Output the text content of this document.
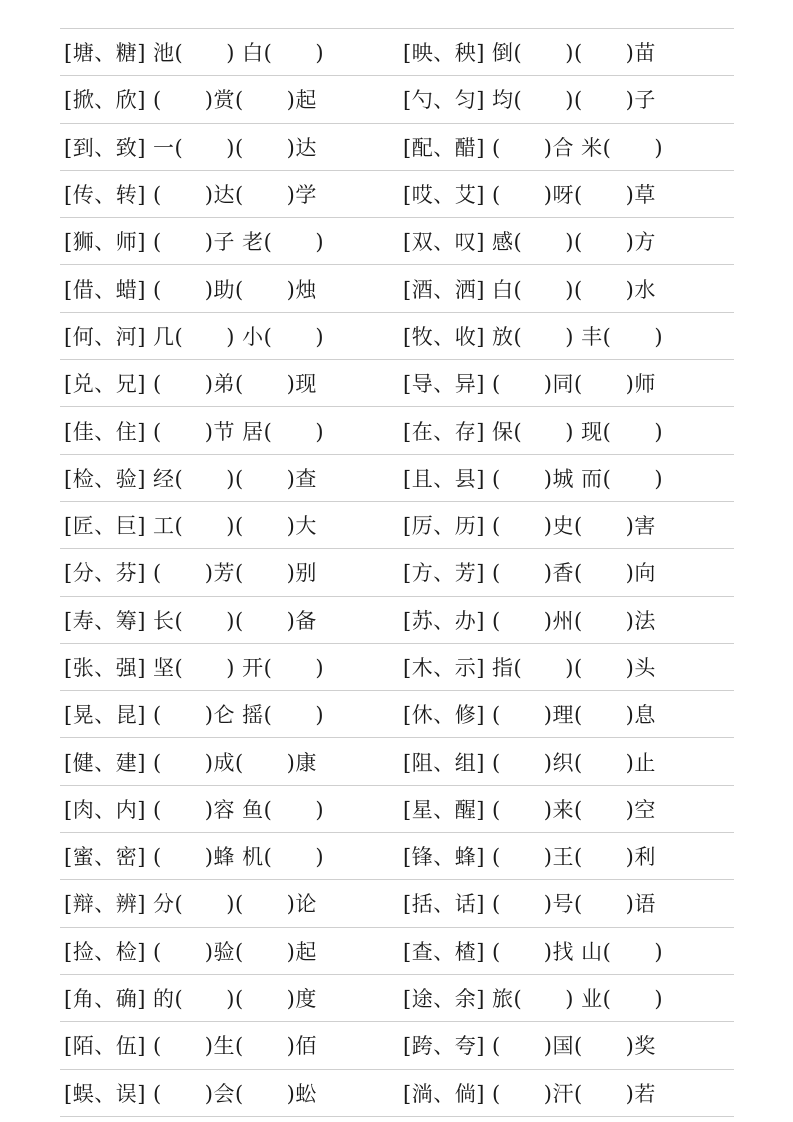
[塘、糖] 池(　　) 白(　　)	[映、秧] 倒(　　)(　　)苗
[掀、欣] (　　)赏(　　)起	[勺、匀] 均(　　)(　　)子
[到、致] 一(　　)(　　)达	[配、醋] (　　)合 米(　　)
[传、转] (　　)达(　　)学	[哎、艾] (　　)呀(　　)草
[狮、师] (　　)子 老(　　)	[双、叹] 感(　　)(　　)方
[借、蜡] (　　)助(　　)烛	[酒、洒] 白(　　)(　　)水
[何、河] 几(　　) 小(　　)	[牧、收] 放(　　) 丰(　　)
[兑、兄] (　　)弟(　　)现	[导、异] (　　)同(　　)师
[佳、住] (　　)节 居(　　)	[在、存] 保(　　) 现(　　)
[检、验] 经(　　)(　　)查	[且、县] (　　)城 而(　　)
[匠、巨] 工(　　)(　　)大	[厉、历] (　　)史(　　)害
[分、芬] (　　)芳(　　)别	[方、芳] (　　)香(　　)向
[寿、筹] 长(　　)(　　)备	[苏、办] (　　)州(　　)法
[张、强] 坚(　　) 开(　　)	[木、示] 指(　　)(　　)头
[晃、昆] (　　)仑 摇(　　)	[休、修] (　　)理(　　)息
[健、建] (　　)成(　　)康	[阻、组] (　　)织(　　)止
[肉、内] (　　)容 鱼(　　)	[星、醒] (　　)来(　　)空
[蜜、密] (　　)蜂 机(　　)	[锋、蜂] (　　)王(　　)利
[辩、辨] 分(　　)(　　)论	[括、话] (　　)号(　　)语
[捡、检] (　　)验(　　)起	[查、楂] (　　)找 山(　　)
[角、确] 的(　　)(　　)度	[途、余] 旅(　　) 业(　　)
[陌、伍] (　　)生(　　)佰	[跨、夸] (　　)国(　　)奖
[蜈、误] (　　)会(　　)蚣	[淌、倘] (　　)汗(　　)若
